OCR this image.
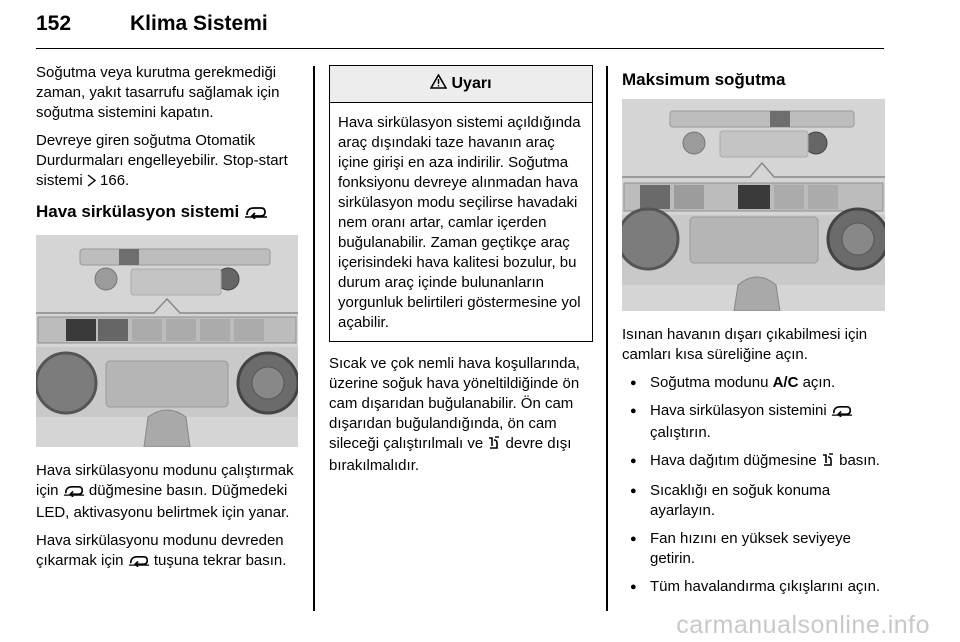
152	Klima Sistemi

Soğutma veya kurutma gerekmediği zaman, yakıt tasarrufu sağlamak için soğutma sistemini kapatın.

Devreye giren soğutma Otomatik Durdurmaları engelleyebilir. Stop-start sistemi  166.

Hava sirkülasyon sistemi

Hava sirkülasyonu modunu çalıştırmak için  düğmesine basın. Düğmedeki LED, aktivasyonu belirtmek için yanar.

Hava sirkülasyonu modunu devreden çıkarmak için  tuşuna tekrar basın.

Uyarı
Hava sirkülasyon sistemi açıldığında araç dışındaki taze havanın araç içine girişi en aza indirilir. Soğutma fonksiyonu devreye alınmadan hava sirkülasyon modu seçilirse havadaki nem oranı artar, camlar içerden buğulanabilir. Zaman geçtikçe araç içerisindeki hava kalitesi bozulur, bu durum araç içinde bulunanların yorgunluk belirtileri göstermesine yol açabilir.

Sıcak ve çok nemli hava koşullarında, üzerine soğuk hava yöneltildiğinde ön cam dışarıdan buğulanabilir. Ön cam dışarıdan buğulandığında, ön cam sileceği çalıştırılmalı ve  devre dışı bırakılmalıdır.

Maksimum soğutma

Isınan havanın dışarı çıkabilmesi için camları kısa süreliğine açın.

● Soğutma modunu A/C açın.
● Hava sirkülasyon sistemini  çalıştırın.
● Hava dağıtım düğmesine  basın.
● Sıcaklığı en soğuk konuma ayarlayın.
● Fan hızını en yüksek seviyeye getirin.
● Tüm havalandırma çıkışlarını açın.
carmanualsonline.info
